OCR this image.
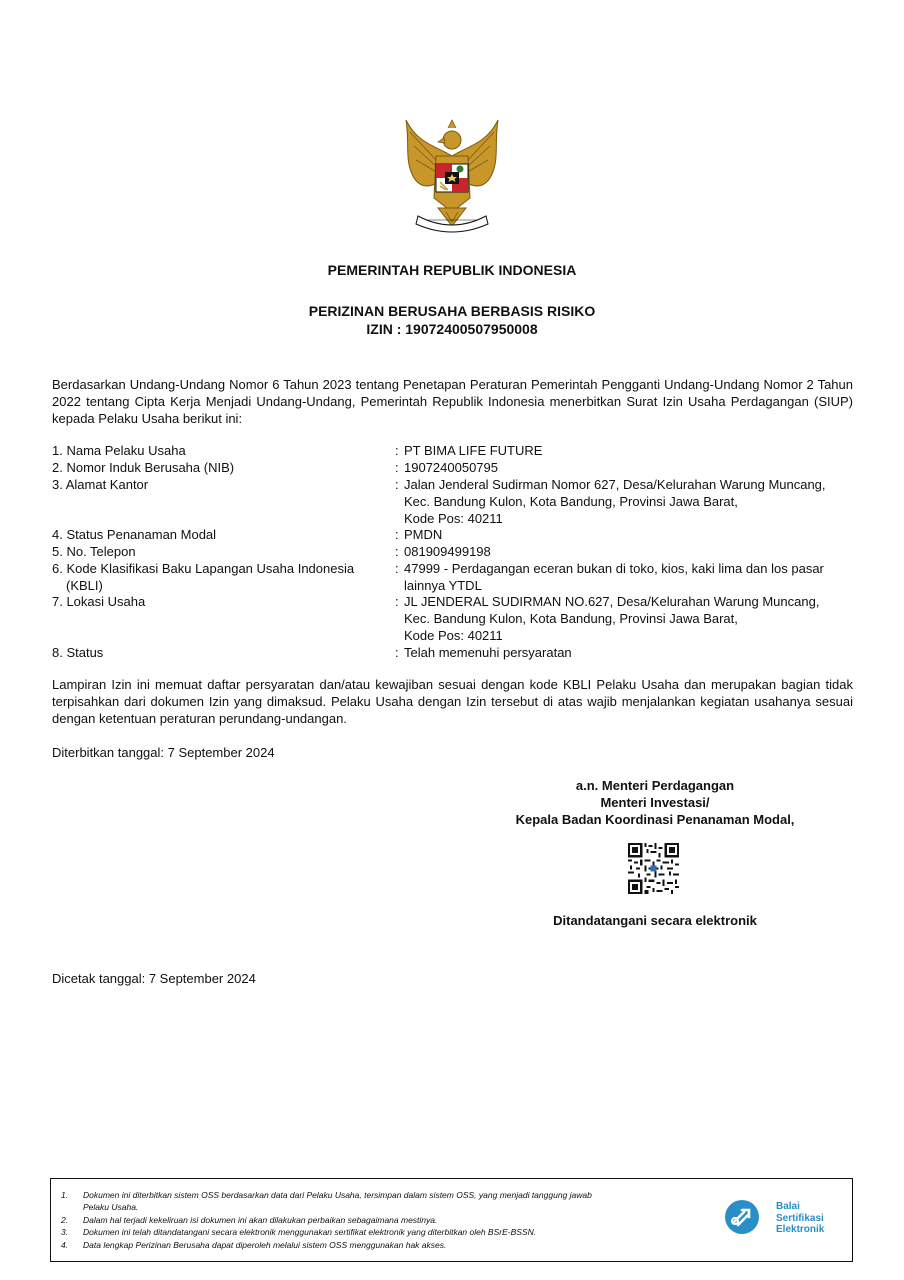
PEMERINTAH REPUBLIK INDONESIA
PERIZINAN BERUSAHA BERBASIS RISIKO
IZIN : 19072400507950008
Berdasarkan Undang-Undang Nomor 6 Tahun 2023 tentang Penetapan Peraturan Pemerintah Pengganti Undang-Undang Nomor 2 Tahun 2022 tentang Cipta Kerja Menjadi Undang-Undang, Pemerintah Republik Indonesia menerbitkan Surat Izin Usaha Perdagangan (SIUP) kepada Pelaku Usaha berikut ini:
1. Nama Pelaku Usaha	: PT BIMA LIFE FUTURE
2. Nomor Induk Berusaha (NIB)	: 1907240050795
3. Alamat Kantor	: Jalan Jenderal Sudirman Nomor 627, Desa/Kelurahan Warung Muncang,
Kec. Bandung Kulon, Kota Bandung, Provinsi Jawa Barat,
Kode Pos: 40211
4. Status Penanaman Modal	: PMDN
5. No. Telepon	: 081909499198
6. Kode Klasifikasi Baku Lapangan Usaha Indonesia	: 47999 - Perdagangan eceran bukan di toko, kios, kaki lima dan los pasar
(KBLI)	lainnya YTDL
7. Lokasi Usaha	: JL JENDERAL SUDIRMAN NO.627, Desa/Kelurahan Warung Muncang,
Kec. Bandung Kulon, Kota Bandung, Provinsi Jawa Barat,
Kode Pos: 40211
8. Status	: Telah memenuhi persyaratan
Lampiran Izin ini memuat daftar persyaratan dan/atau kewajiban sesuai dengan kode KBLI Pelaku Usaha dan merupakan bagian tidak terpisahkan dari dokumen Izin yang dimaksud. Pelaku Usaha dengan Izin tersebut di atas wajib menjalankan kegiatan usahanya sesuai dengan ketentuan peraturan perundang-undangan.
Diterbitkan tanggal: 7 September 2024
a.n. Menteri Perdagangan
Menteri Investasi/
Kepala Badan Koordinasi Penanaman Modal,
Ditandatangani secara elektronik
Dicetak tanggal: 7 September 2024
1. Dokumen ini diterbitkan sistem OSS berdasarkan data dari Pelaku Usaha, tersimpan dalam sistem OSS, yang menjadi tanggung jawab
Pelaku Usaha.
2. Dalam hal terjadi kekeliruan isi dokumen ini akan dilakukan perbaikan sebagaimana mestinya.
3. Dokumen ini telah ditandatangani secara elektronik menggunakan sertifikat elektronik yang diterbitkan oleh BSrE-BSSN.
4. Data lengkap Perizinan Berusaha dapat diperoleh melalui sistem OSS menggunakan hak akses.
Balai
Sertifikasi
Elektronik
